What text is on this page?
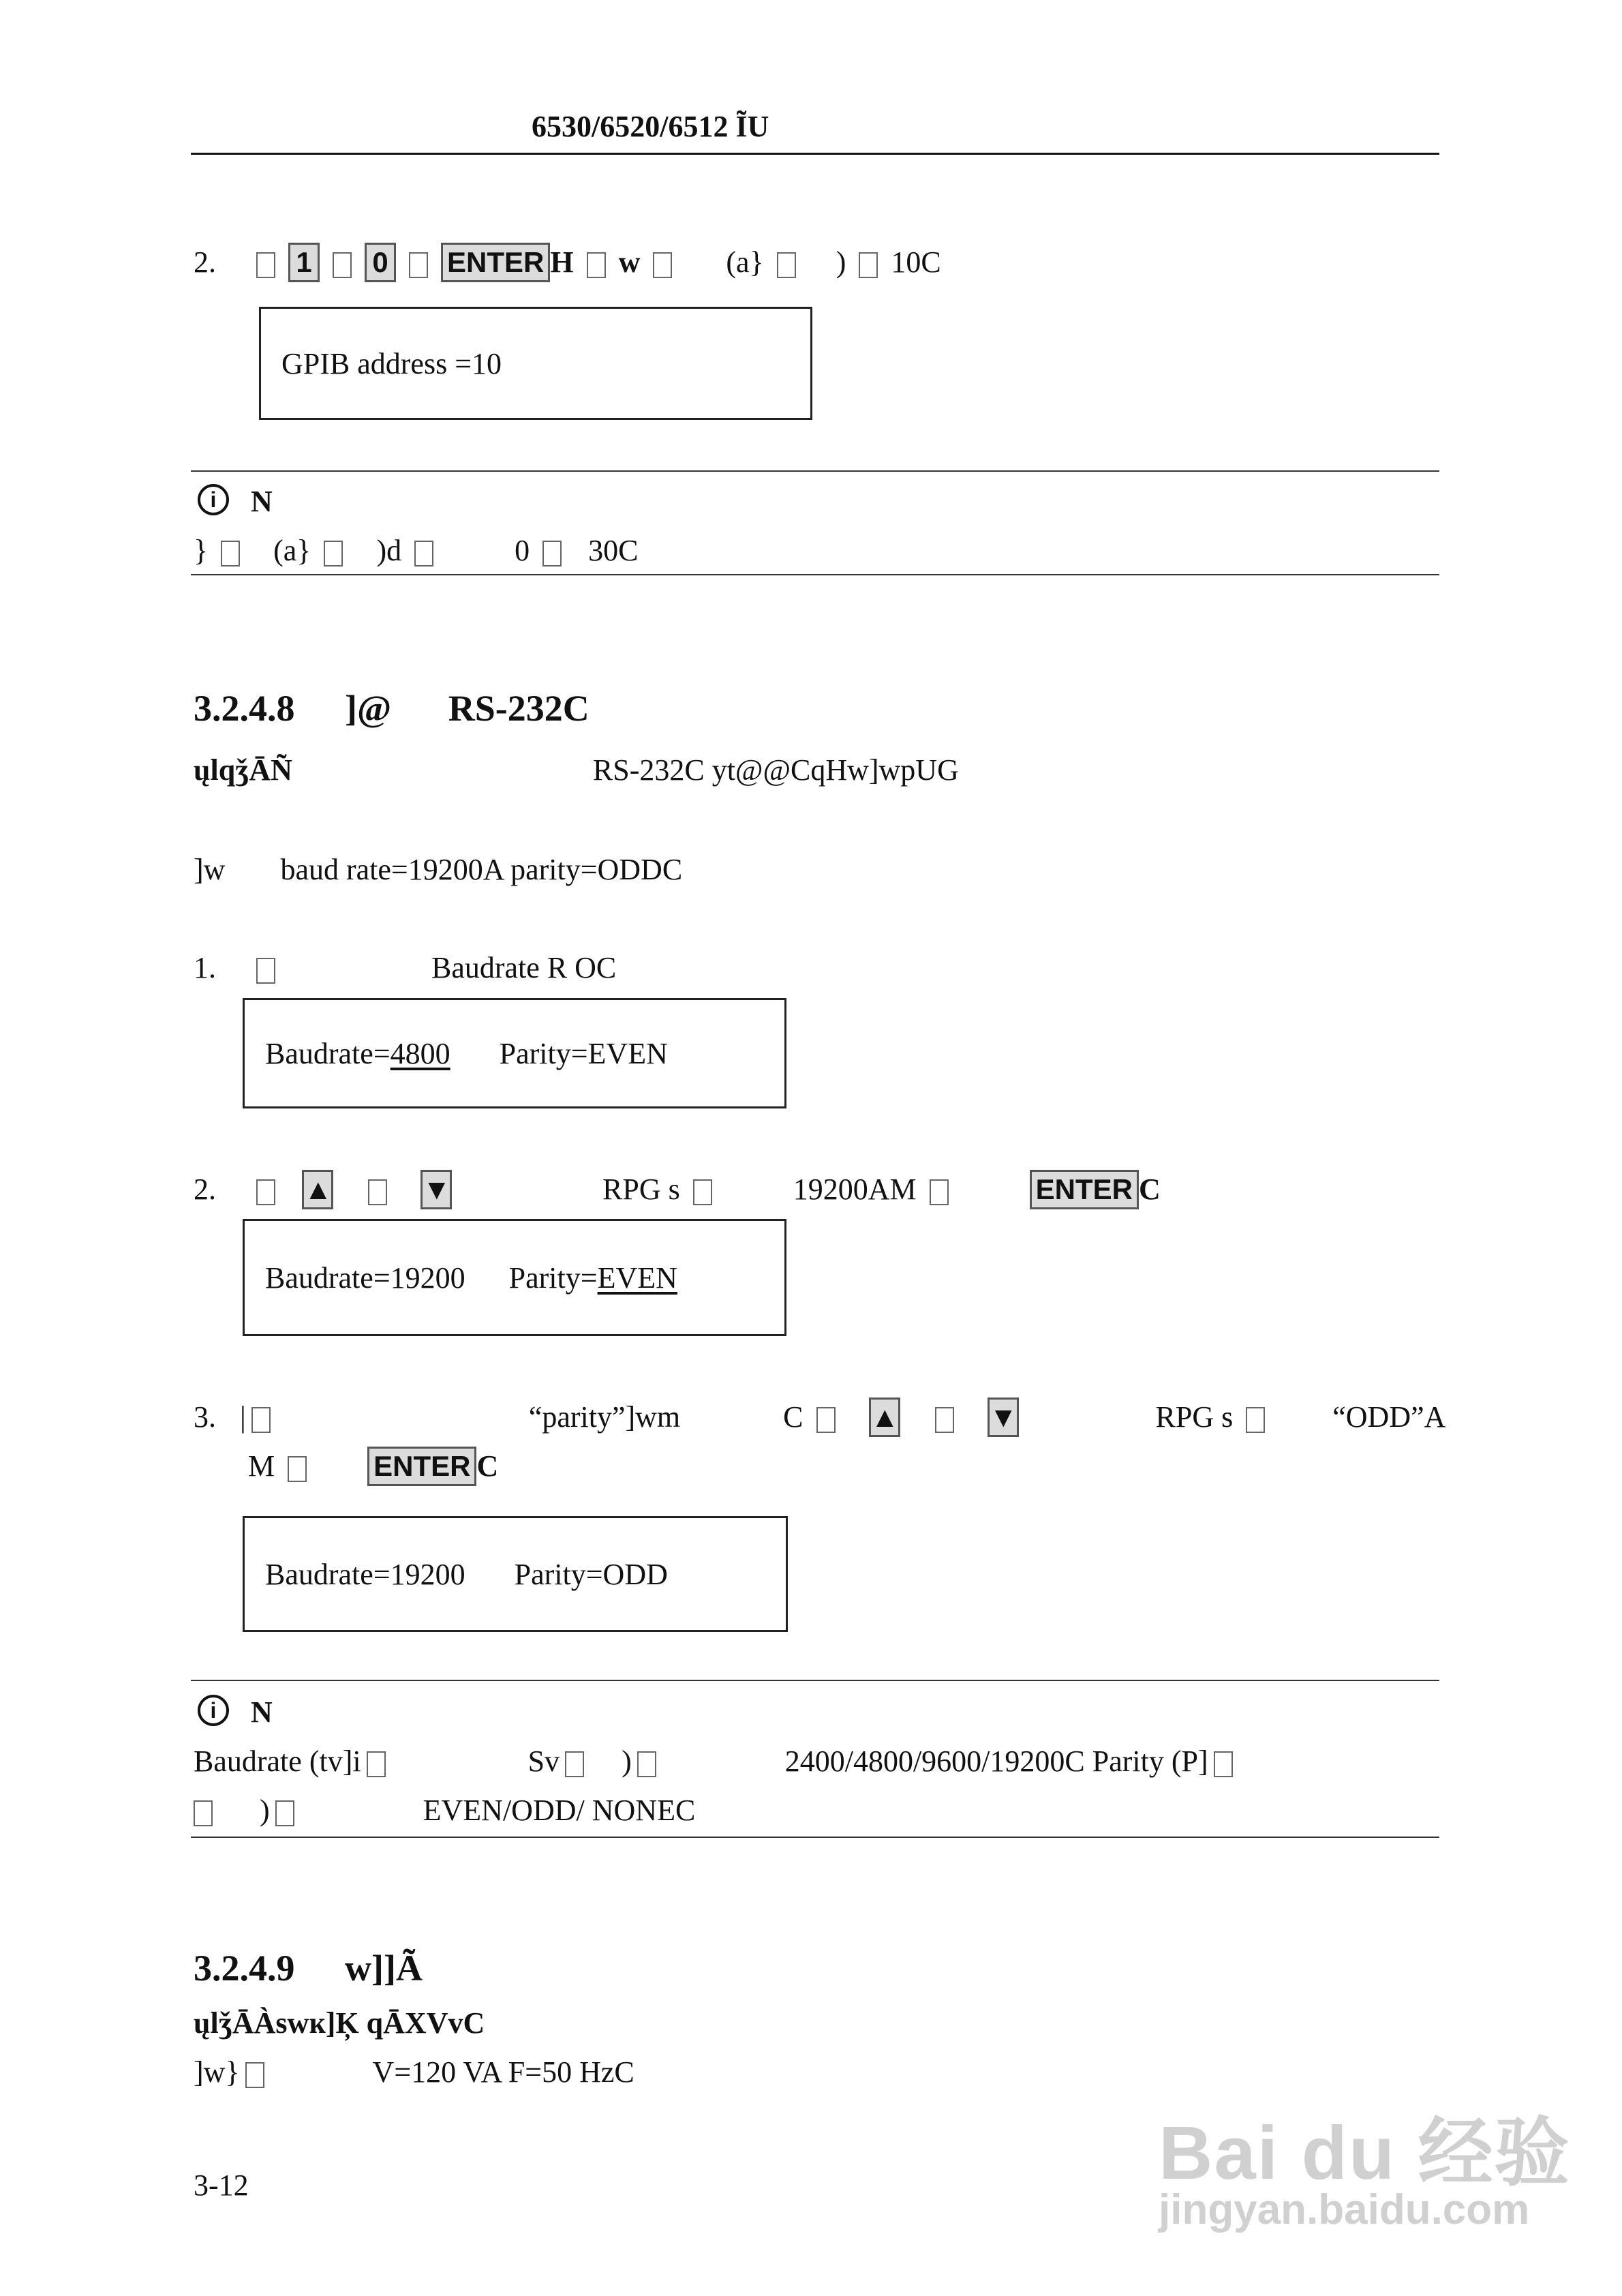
6530/6520/6512 ĨU
2.	1 0 ENTER H w	(a} ) 10C
GPIB address =10
i	N
} (a} )d	0 30C
3.2.4.8 ]@ RS-232C
ųlqǯĀÑ	RS-232C yt@@CqHw]wpUG
]w baud rate=19200A parity=ODDC
1.	Baudrate R OC
Baudrate= 4800 Parity=EVEN
2.	▲	▼	RPG s	19200AM	ENTER C
Baudrate=19200 Parity= EVEN
3. |	“parity”]wm	C ▲	▼	RPG s	“ODD”A
M	ENTER C
Baudrate=19200 Parity=ODD
i	N
Baudrate (tv]i	Sv )	2400/4800/9600/19200C Parity (P]
)	EVEN/ODD/ NONEC
3.2.4.9 w]]Ã
ųlǯĀÀswĸ]Ķ qĀXVvC
]w}	V=120 VA F=50 HzC
3-12	Bai du 经验
jingyan.baidu.com
